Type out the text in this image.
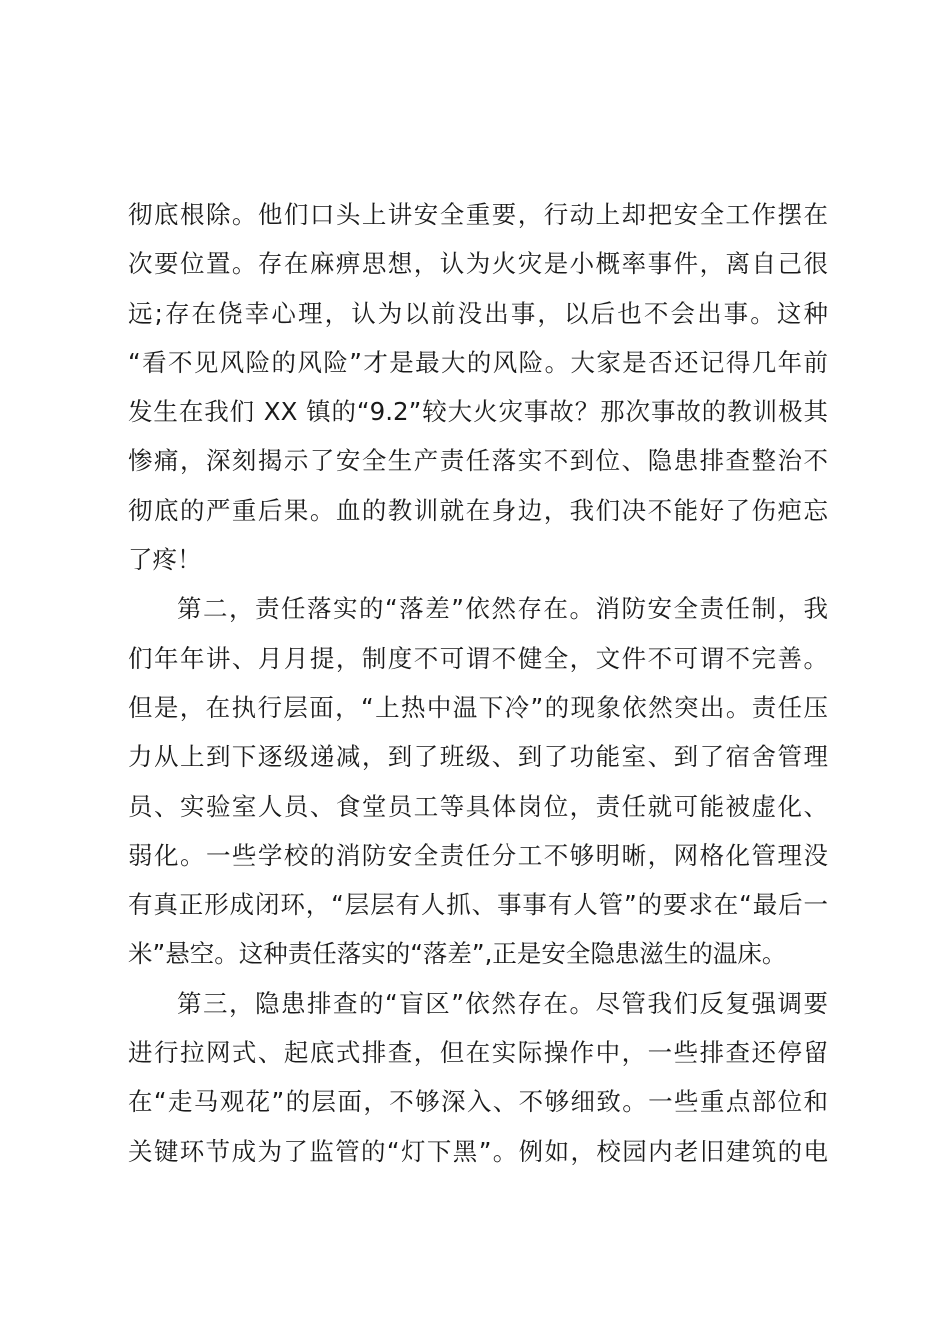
彻底根除。他们口头上讲安全重要，行动上却把安全工作摆在
次要位置。存在麻痹思想，认为火灾是小概率事件，离自己很
远;存在侥幸心理，认为以前没出事，以后也不会出事。这种
“看不见风险的风险”才是最大的风险。大家是否还记得几年前
发生在我们 XX 镇的“9.2”较大火灾事故？那次事故的教训极其
惨痛，深刻揭示了安全生产责任落实不到位、隐患排查整治不
彻底的严重后果。血的教训就在身边，我们决不能好了伤疤忘
了疼！
第二，责任落实的“落差”依然存在。消防安全责任制，我
们年年讲、月月提，制度不可谓不健全，文件不可谓不完善。
但是，在执行层面，“上热中温下冷”的现象依然突出。责任压
力从上到下逐级递减，到了班级、到了功能室、到了宿舍管理
员、实验室人员、食堂员工等具体岗位，责任就可能被虚化、
弱化。一些学校的消防安全责任分工不够明晰，网格化管理没
有真正形成闭环，“层层有人抓、事事有人管”的要求在“最后一
米”悬空。这种责任落实的“落差”,正是安全隐患滋生的温床。
第三，隐患排查的“盲区”依然存在。尽管我们反复强调要
进行拉网式、起底式排查，但在实际操作中，一些排查还停留
在“走马观花”的层面，不够深入、不够细致。一些重点部位和
关键环节成为了监管的“灯下黑”。例如，校园内老旧建筑的电
